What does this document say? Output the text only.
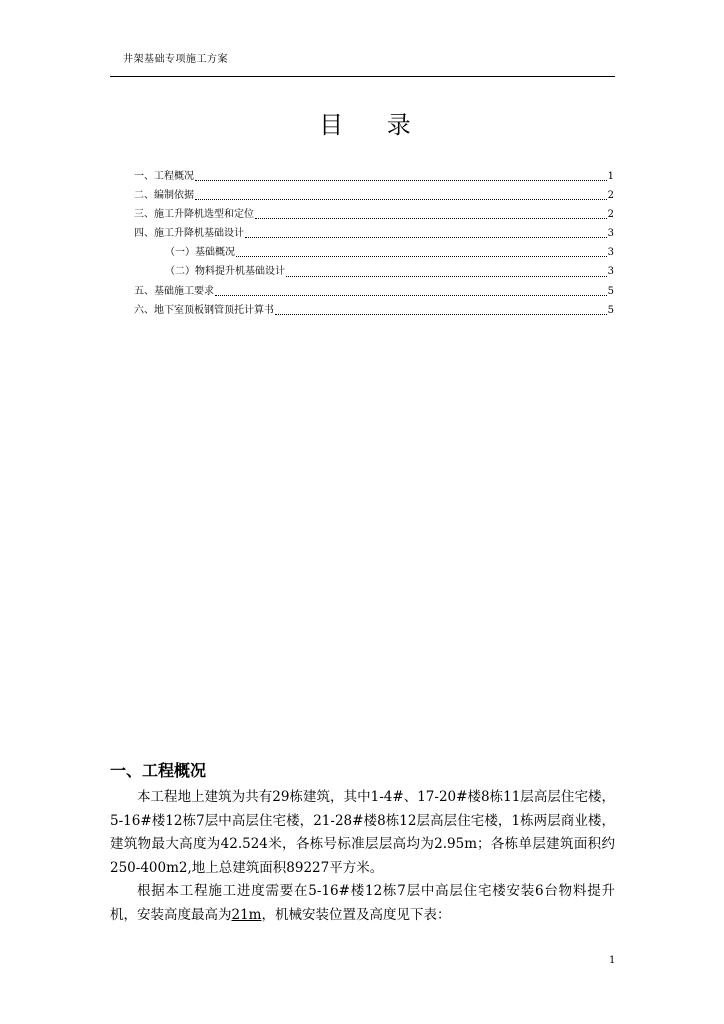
井架基础专项施工方案
目 录
一、工程概况	1
二、编制依据	2
三、施工升降机选型和定位	2
四、施工升降机基础设计	3
（一）基础概况	3
（二）物料提升机基础设计	3
五、基础施工要求	5
六、地下室顶板钢管顶托计算书	5
一、工程概况

本工程地上建筑为共有29栋建筑，其中1-4#、17-20#楼8栋11层高层住宅楼，5-16#楼12栋7层中高层住宅楼，21-28#楼8栋12层高层住宅楼，1栋两层商业楼，建筑物最大高度为42.524米，各栋号标准层层高均为2.95m；各栋单层建筑面积约250-400m2,地上总建筑面积89227平方米。

根据本工程施工进度需要在5-16#楼12栋7层中高层住宅楼安装6台物料提升机，安装高度最高为21m，机械安装位置及高度见下表：

1
